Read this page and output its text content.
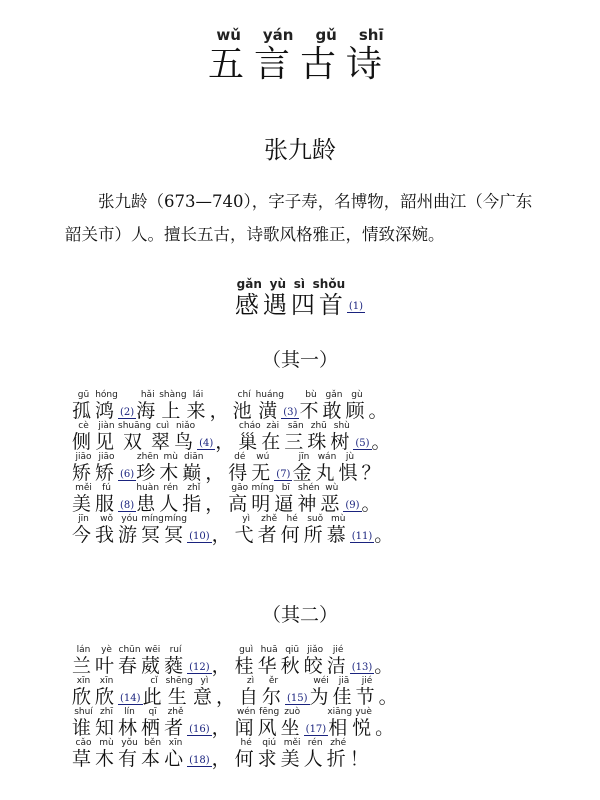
五言古诗wǔ yán gǔ shī
张九龄
张九龄（673—740），字子寿，名博物，韶州曲江（今广东韶关市）人。擅长五古，诗歌风格雅正，情致深婉。
感遇四首gǎn yù sì shǒu(1)
（其一）
孤gū鸿hóng(2) 海hǎi上shàng来lái，池chí潢huáng(3) 不bù敢gǎn顾gù。
侧cè见jiàn双shuāng翠cuì鸟niǎo(4) ，巢cháo在zài三sān珠zhū树shù(5) 。
矫jiāo矫jiāo(6) 珍zhēn木mù巅diān，得dé无wú(7) 金jīn丸wán惧jù？
美měi服fú(8) 患huàn人rén指zhǐ，高gāo明míng逼bī神shén恶wù(9) 。
今jīn我wǒ游yóu冥míng冥míng(10) ，弋yì者zhě何hé所suǒ慕mù(11) 。
（其二）
兰lán叶yè春chūn葳wēi蕤ruí(12) ，桂guì华huā秋qiū皎jiǎo洁jié(13) 。
欣xīn欣xīn(14) 此cǐ生shēng意yì，自zì尔ěr(15) 为wéi佳jiā节jié。
谁shuí知zhī林lín栖qī者zhě(16) ，闻wén风fēng坐zuò(17)相xiāng悦yuè。
草cǎo木mù有yǒu本běn心xīn(18) ，何hé求qiú美měi人rén折zhé！
